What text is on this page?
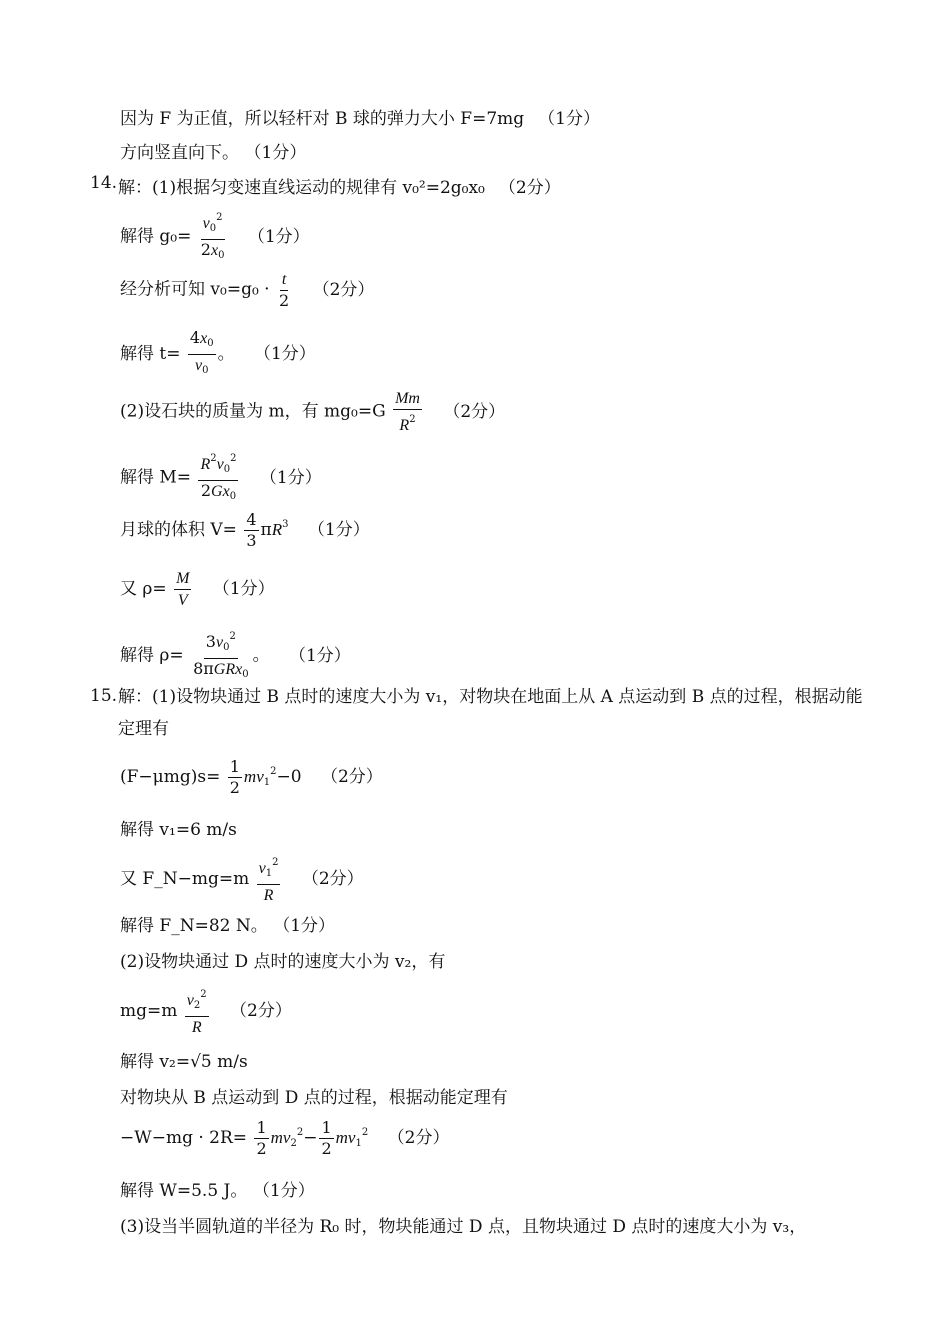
因为 F 为正值，所以轻杆对 B 球的弹力大小 F=7mg （1分）
方向竖直向下。 （1分）
14. 解：(1)根据匀变速直线运动的规律有 v₀²=2g₀x₀ （2分）
解得 $g_0= \frac{v_0^2}{2x_0} (1$分）
经分析可知 $v_0=g_0 \cdot \frac{t}{2} (2$分）
解得 $t= \frac{4x_0}{v_0}$ 。 （1分）
(2)设石块的质量为 m，有 $mg_0=G \frac{Mm}{R^2} (2$分）
解得 $M= \frac{R^2v_0^2}{2Gx_0} (1$分）
月球的体积 $V= \frac{4}{3} \pi R^3$ （1分）
又 $\rho= \frac{M}{V} (1$分）
解得 $\rho= \frac{3v_0^2}{8\pi GRx_0}$ 。 （1分）
15. 解：(1)设物块通过 B 点时的速度大小为 v₁，对物块在地面上从 A 点运动到 B 点的过程，根据动能定理有
$(F-\mu mg)s= \frac{1}{2} mv_1^2-0$ （2分）
解得 v₁=6 m/s
又 F_N−mg=m $\frac{v_1^2}{R} (2$分）
解得 F_N=82 N。 （1分）
(2)设物块通过 D 点时的速度大小为 v₂，有
$mg=m \frac{v_2^2}{R} (2$分）
解得 v₂=√5 m/s
对物块从 B 点运动到 D 点的过程，根据动能定理有
$-W-mg \cdot 2R= \frac{1}{2} mv_2^2- \frac{1}{2} mv_1^2$ （2分）
解得 W=5.5 J。 （1分）
(3)设当半圆轨道的半径为 R₀ 时，物块能通过 D 点，且物块通过 D 点时的速度大小为 v₃，
